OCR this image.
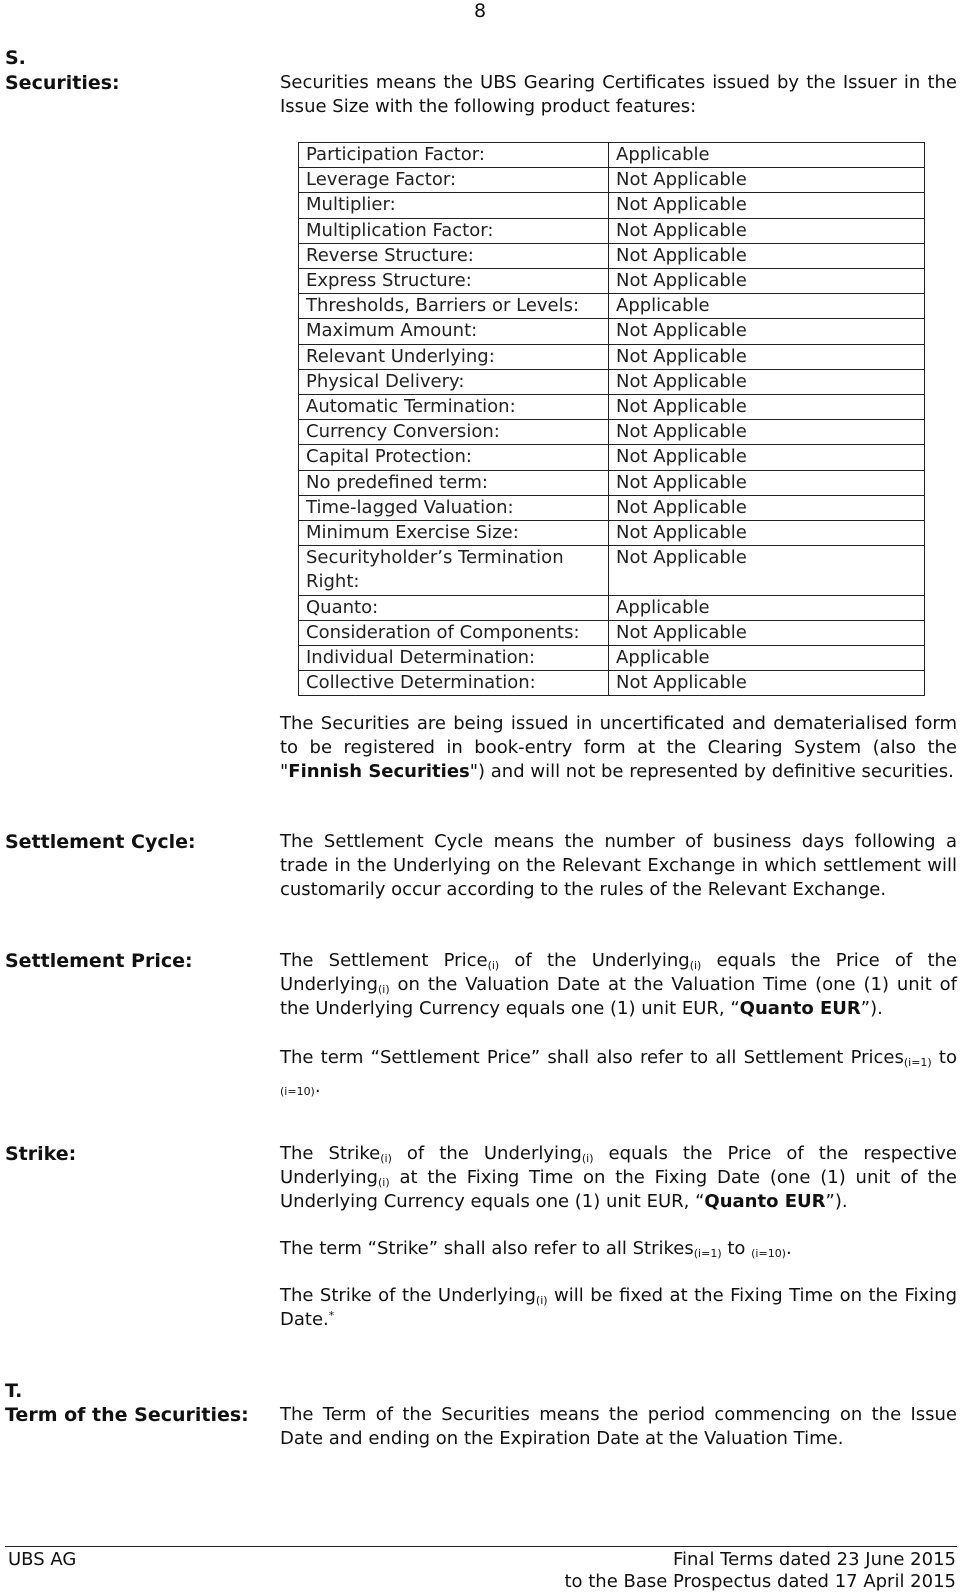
8
S.
Securities:	Securities means the UBS Gearing Certificates issued by the Issuer in the Issue Size with the following product features:
Participation Factor:	Applicable
Leverage Factor:	Not Applicable
Multiplier:	Not Applicable
Multiplication Factor:	Not Applicable
Reverse Structure:	Not Applicable
Express Structure:	Not Applicable
Thresholds, Barriers or Levels:	Applicable
Maximum Amount:	Not Applicable
Relevant Underlying:	Not Applicable
Physical Delivery:	Not Applicable
Automatic Termination:	Not Applicable
Currency Conversion:	Not Applicable
Capital Protection:	Not Applicable
No predefined term:	Not Applicable
Time-lagged Valuation:	Not Applicable
Minimum Exercise Size:	Not Applicable
Securityholder’s Termination Right:	Not Applicable
Quanto:	Applicable
Consideration of Components:	Not Applicable
Individual Determination:	Applicable
Collective Determination:	Not Applicable
The Securities are being issued in uncertificated and dematerialised form to be registered in book-entry form at the Clearing System (also the "Finnish Securities") and will not be represented by definitive securities.
Settlement Cycle:	The Settlement Cycle means the number of business days following a trade in the Underlying on the Relevant Exchange in which settlement will customarily occur according to the rules of the Relevant Exchange.
Settlement Price:	The Settlement Price$_{(i)}$ of the Underlying$_{(i)}$ equals the Price of the Underlying$_{(i)}$ on the Valuation Date at the Valuation Time (one (1) unit of the Underlying Currency equals one (1) unit EUR, “Quanto EUR”).
The term “Settlement Price” shall also refer to all Settlement Prices$_{(i=1)}$ to $_{(i=10)}$.
Strike:	The Strike$_{(i)}$ of the Underlying$_{(i)}$ equals the Price of the respective Underlying$_{(i)}$ at the Fixing Time on the Fixing Date (one (1) unit of the Underlying Currency equals one (1) unit EUR, “Quanto EUR”).
The term “Strike” shall also refer to all Strikes$_{(i=1)}$ to $_{(i=10)}$.
The Strike of the Underlying$_{(i)}$ will be fixed at the Fixing Time on the Fixing Date.*
T.
Term of the Securities: The Term of the Securities means the period commencing on the Issue Date and ending on the Expiration Date at the Valuation Time.
UBS AG	Final Terms dated 23 June 2015
to the Base Prospectus dated 17 April 2015
